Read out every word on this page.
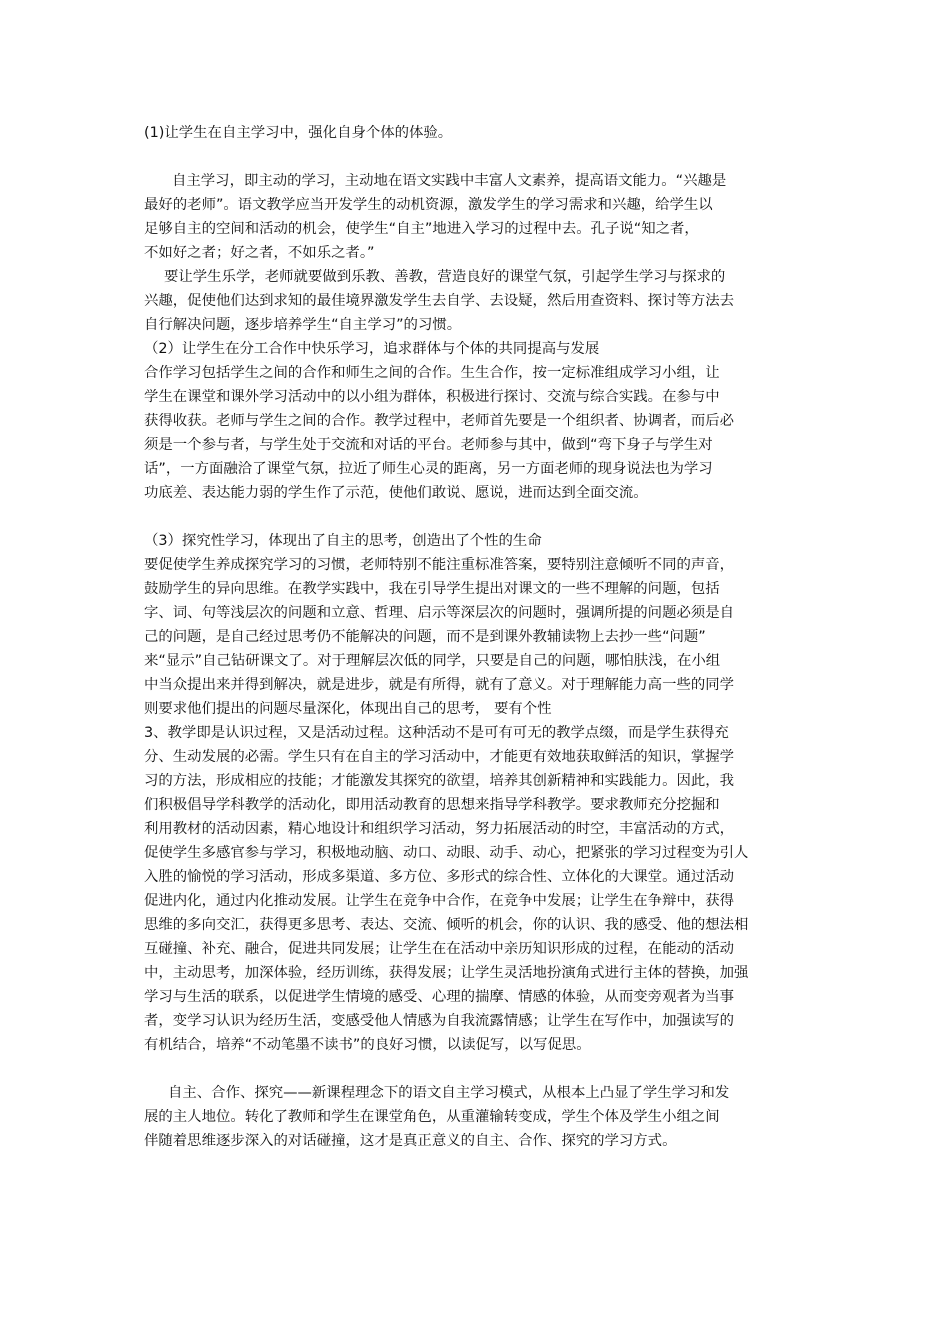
(1)让学生在自主学习中，强化自身个体的体验。
自主学习，即主动的学习，主动地在语文实践中丰富人文素养，提高语文能力。“兴趣是
最好的老师”。语文教学应当开发学生的动机资源，激发学生的学习需求和兴趣，给学生以
足够自主的空间和活动的机会，使学生“自主”地进入学习的过程中去。孔子说“知之者，
不如好之者；好之者，不如乐之者。”
要让学生乐学，老师就要做到乐教、善教，营造良好的课堂气氛，引起学生学习与探求的
兴趣，促使他们达到求知的最佳境界激发学生去自学、去设疑，然后用查资料、探讨等方法去
自行解决问题，逐步培养学生“自主学习”的习惯。
（2）让学生在分工合作中快乐学习，追求群体与个体的共同提高与发展
合作学习包括学生之间的合作和师生之间的合作。生生合作，按一定标准组成学习小组，让
学生在课堂和课外学习活动中的以小组为群体，积极进行探讨、交流与综合实践。在参与中
获得收获。老师与学生之间的合作。教学过程中，老师首先要是一个组织者、协调者，而后必
须是一个参与者，与学生处于交流和对话的平台。老师参与其中，做到“弯下身子与学生对
话”，一方面融洽了课堂气氛，拉近了师生心灵的距离，另一方面老师的现身说法也为学习
功底差、表达能力弱的学生作了示范，使他们敢说、愿说，进而达到全面交流。
（3）探究性学习，体现出了自主的思考，创造出了个性的生命
要促使学生养成探究学习的习惯，老师特别不能注重标准答案，要特别注意倾听不同的声音，
鼓励学生的异向思维。在教学实践中，我在引导学生提出对课文的一些不理解的问题，包括
字、词、句等浅层次的问题和立意、哲理、启示等深层次的问题时，强调所提的问题必须是自
己的问题，是自己经过思考仍不能解决的问题，而不是到课外教辅读物上去抄一些“问题”
来“显示”自己钻研课文了。对于理解层次低的同学，只要是自己的问题，哪怕肤浅，在小组
中当众提出来并得到解决，就是进步，就是有所得，就有了意义。对于理解能力高一些的同学
则要求他们提出的问题尽量深化，体现出自己的思考， 要有个性
3、教学即是认识过程，又是活动过程。这种活动不是可有可无的教学点缀，而是学生获得充
分、生动发展的必需。学生只有在自主的学习活动中，才能更有效地获取鲜活的知识，掌握学
习的方法，形成相应的技能；才能激发其探究的欲望，培养其创新精神和实践能力。因此，我
们积极倡导学科教学的活动化，即用活动教育的思想来指导学科教学。要求教师充分挖掘和
利用教材的活动因素，精心地设计和组织学习活动，努力拓展活动的时空，丰富活动的方式，
促使学生多感官参与学习，积极地动脑、动口、动眼、动手、动心，把紧张的学习过程变为引人
入胜的愉悦的学习活动，形成多渠道、多方位、多形式的综合性、立体化的大课堂。通过活动
促进内化，通过内化推动发展。让学生在竞争中合作，在竞争中发展；让学生在争辩中，获得
思维的多向交汇，获得更多思考、表达、交流、倾听的机会，你的认识、我的感受、他的想法相
互碰撞、补充、融合，促进共同发展；让学生在在活动中亲历知识形成的过程，在能动的活动
中，主动思考，加深体验，经历训练，获得发展；让学生灵活地扮演角式进行主体的替换，加强
学习与生活的联系，以促进学生情境的感受、心理的揣摩、情感的体验，从而变旁观者为当事
者，变学习认识为经历生活，变感受他人情感为自我流露情感；让学生在写作中，加强读写的
有机结合，培养“不动笔墨不读书”的良好习惯，以读促写，以写促思。
自主、合作、探究——新课程理念下的语文自主学习模式，从根本上凸显了学生学习和发
展的主人地位。转化了教师和学生在课堂角色，从重灌输转变成，学生个体及学生小组之间
伴随着思维逐步深入的对话碰撞，这才是真正意义的自主、合作、探究的学习方式。
